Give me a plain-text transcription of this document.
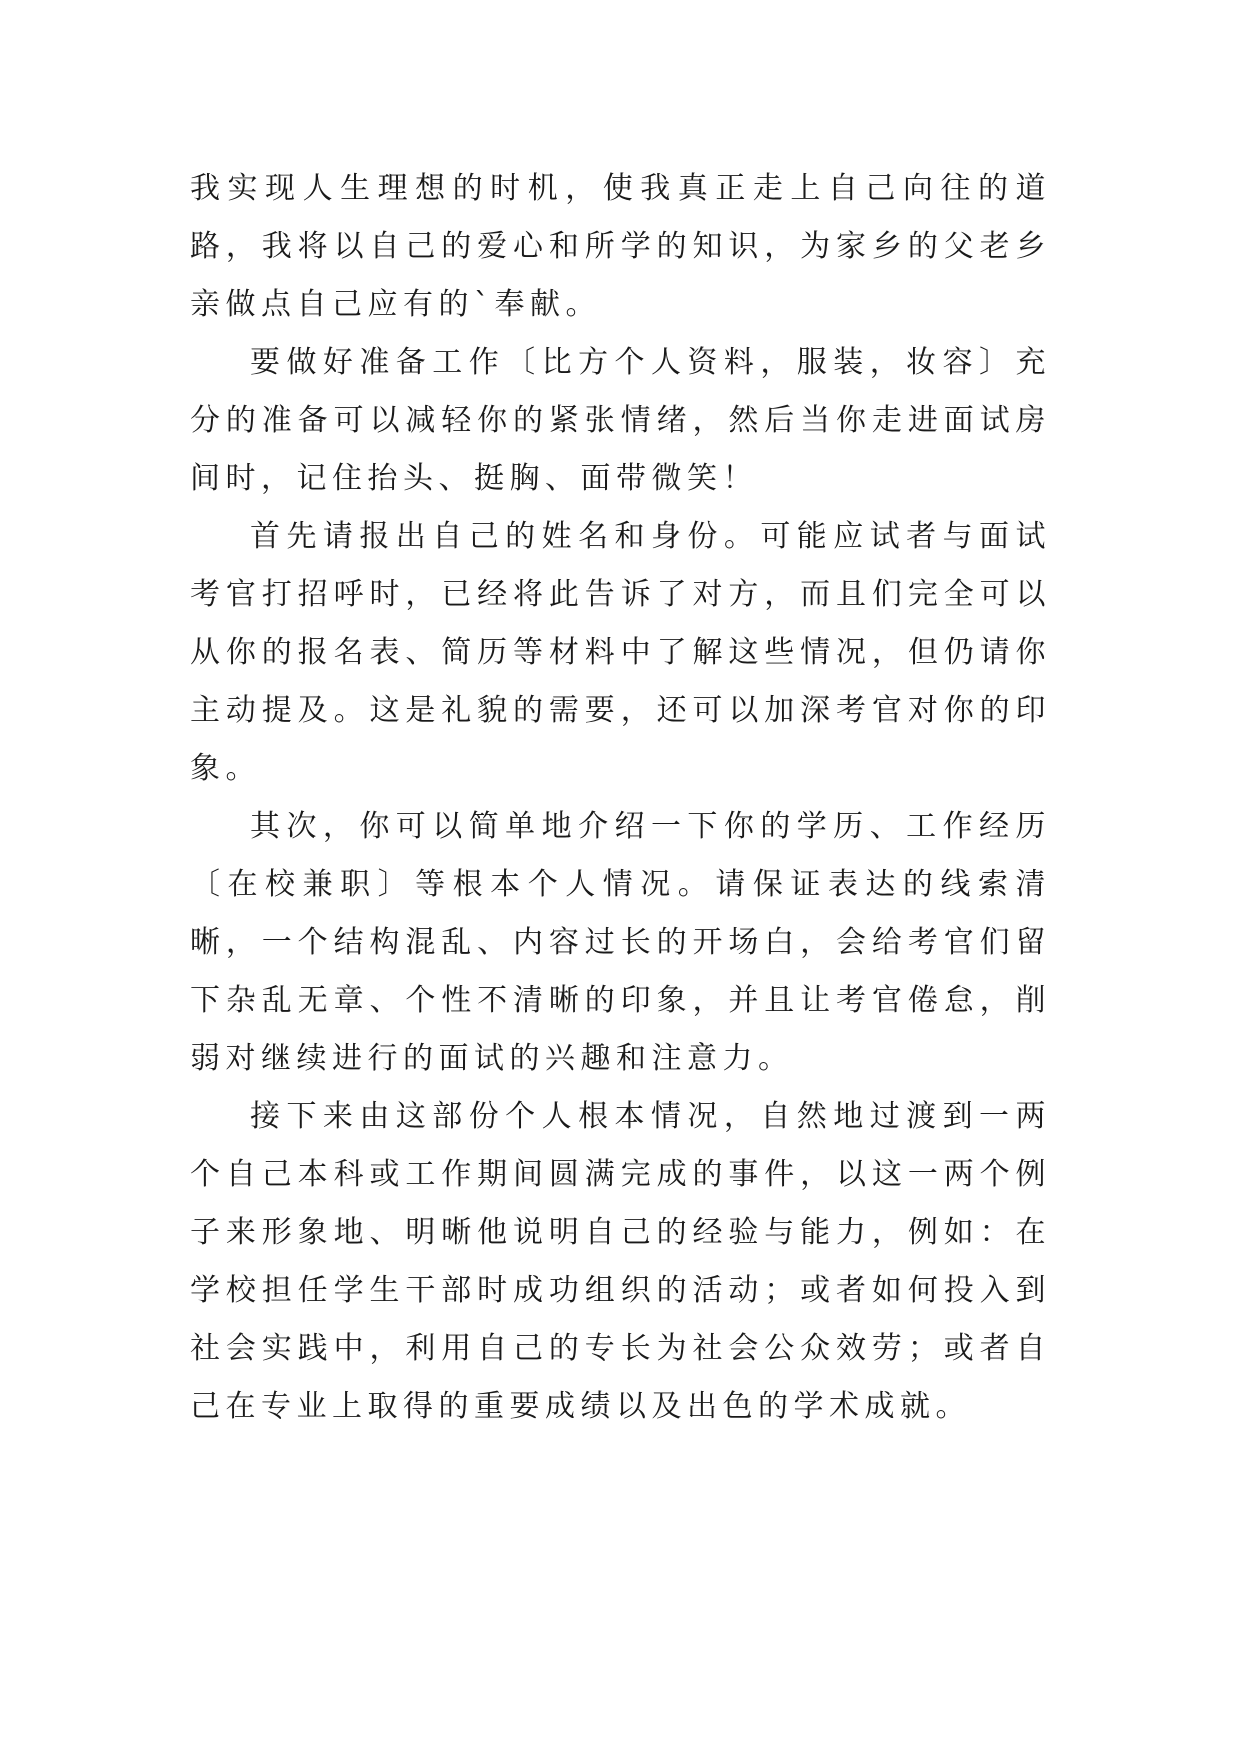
我实现人生理想的时机，使我真正走上自己向往的道路，我将以自己的爱心和所学的知识，为家乡的父老乡亲做点自己应有的`奉献。

要做好准备工作〔比方个人资料，服装，妆容〕充分的准备可以减轻你的紧张情绪，然后当你走进面试房间时，记住抬头、挺胸、面带微笑！

首先请报出自己的姓名和身份。可能应试者与面试考官打招呼时，已经将此告诉了对方，而且们完全可以从你的报名表、简历等材料中了解这些情况，但仍请你主动提及。这是礼貌的需要，还可以加深考官对你的印象。

其次，你可以简单地介绍一下你的学历、工作经历〔在校兼职〕等根本个人情况。请保证表达的线索清晰，一个结构混乱、内容过长的开场白，会给考官们留下杂乱无章、个性不清晰的印象，并且让考官倦怠，削弱对继续进行的面试的兴趣和注意力。

接下来由这部份个人根本情况，自然地过渡到一两个自己本科或工作期间圆满完成的事件，以这一两个例子来形象地、明晰他说明自己的经验与能力，例如：在学校担任学生干部时成功组织的活动；或者如何投入到社会实践中，利用自己的专长为社会公众效劳；或者自己在专业上取得的重要成绩以及出色的学术成就。
